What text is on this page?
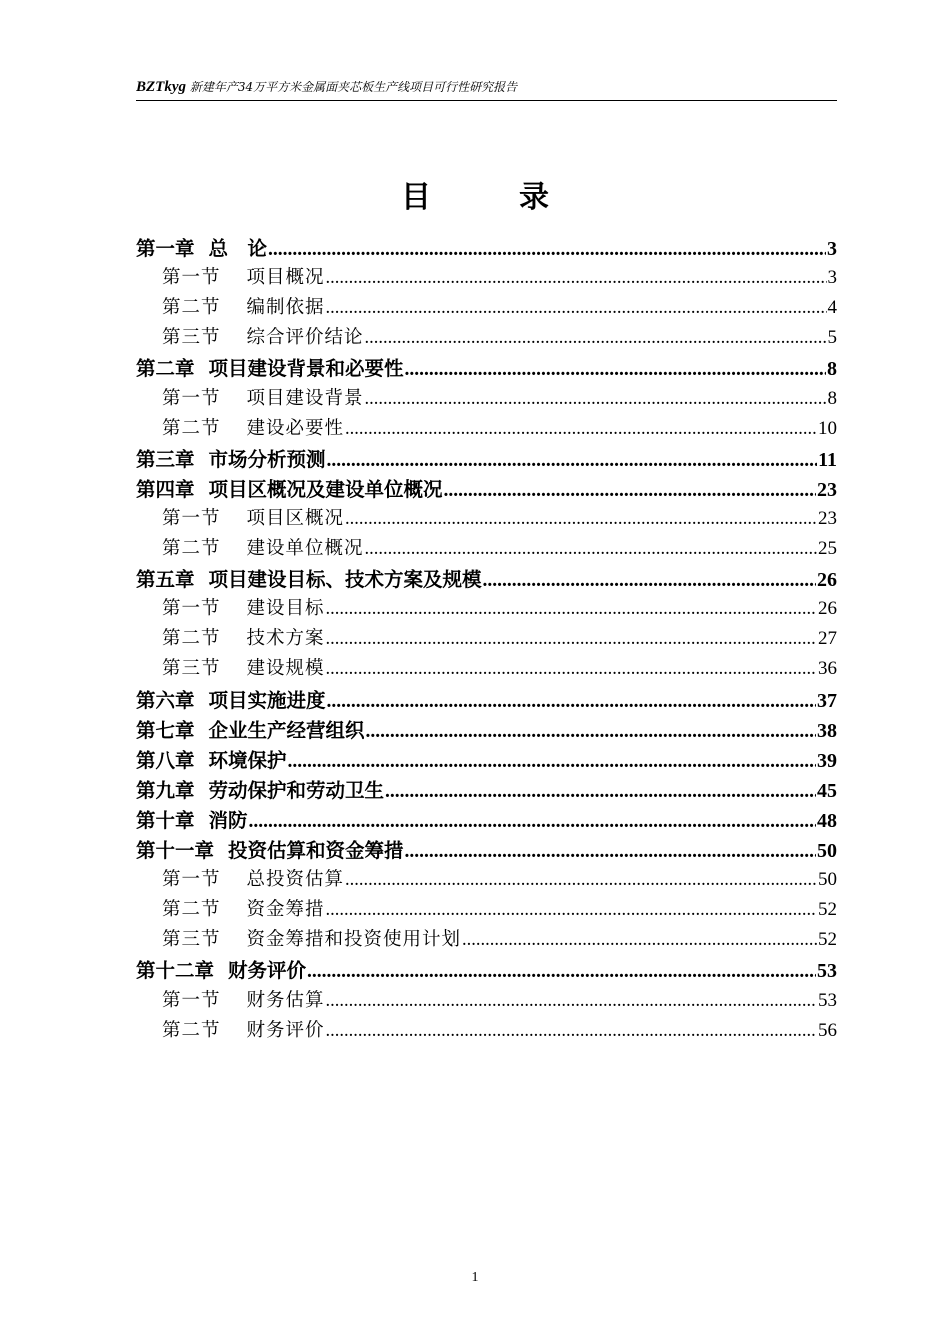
BZTkyg 新建年产34万平方米金属面夹芯板生产线项目可行性研究报告
目录
第一章 总　论 .....	3
第一节 项目概况 .....	3
第二节 编制依据 .....	4
第三节 综合评价结论 .....	5
第二章 项目建设背景和必要性 .....	8
第一节 项目建设背景 .....	8
第二节 建设必要性 .....	10
第三章 市场分析预测 .....	11
第四章 项目区概况及建设单位概况 .....	23
第一节 项目区概况 .....	23
第二节 建设单位概况 .....	25
第五章 项目建设目标、技术方案及规模 .....	26
第一节 建设目标 .....	26
第二节 技术方案 .....	27
第三节 建设规模 .....	36
第六章 项目实施进度 .....	37
第七章 企业生产经营组织 .....	38
第八章 环境保护 .....	39
第九章 劳动保护和劳动卫生 .....	45
第十章 消防 .....	48
第十一章 投资估算和资金筹措 .....	50
第一节 总投资估算 .....	50
第二节 资金筹措 .....	52
第三节 资金筹措和投资使用计划 .....	52
第十二章 财务评价 .....	53
第一节 财务估算 .....	53
第二节 财务评价 .....	56
1
